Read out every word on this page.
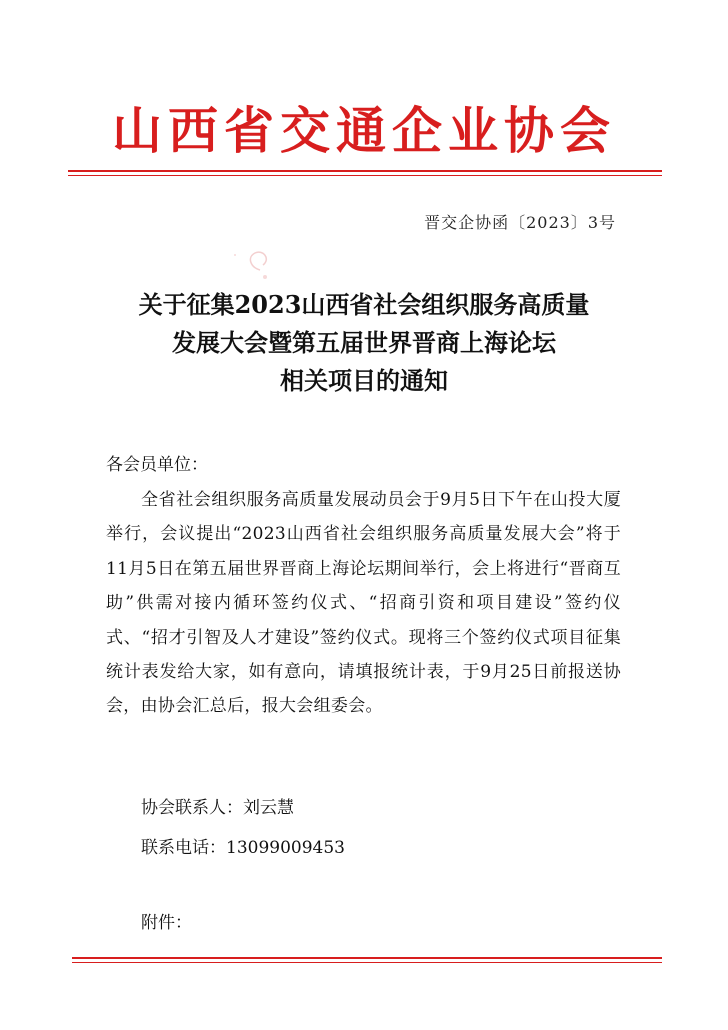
山西省交通企业协会
晋交企协函〔2023〕3号
关于征集2023山西省社会组织服务高质量
发展大会暨第五届世界晋商上海论坛
相关项目的通知
各会员单位：
全省社会组织服务高质量发展动员会于9月5日下午在山投大厦举行，会议提出“2023山西省社会组织服务高质量发展大会”将于11月5日在第五届世界晋商上海论坛期间举行，会上将进行“晋商互助”供需对接内循环签约仪式、“招商引资和项目建设”签约仪式、“招才引智及人才建设”签约仪式。现将三个签约仪式项目征集统计表发给大家，如有意向，请填报统计表，于9月25日前报送协会，由协会汇总后，报大会组委会。
协会联系人：刘云慧
联系电话：13099009453
附件：
